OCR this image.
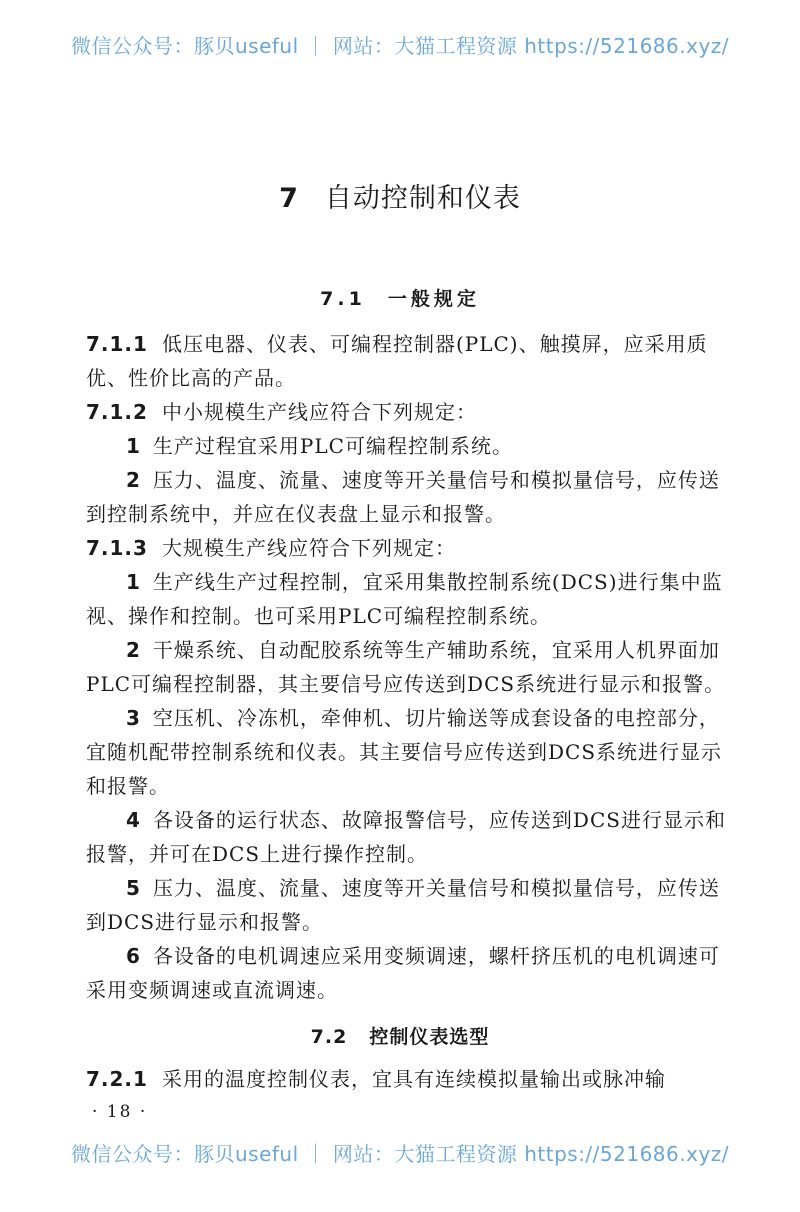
微信公众号：豚贝useful ｜ 网站：大猫工程资源 https://521686.xyz/
7 自动控制和仪表
7.1 一般规定

7.1.1 低压电器、仪表、可编程控制器(PLC)、触摸屏，应采用质优、性价比高的产品。

7.1.2 中小规模生产线应符合下列规定：

1 生产过程宜采用PLC可编程控制系统。

2 压力、温度、流量、速度等开关量信号和模拟量信号，应传送到控制系统中，并应在仪表盘上显示和报警。

7.1.3 大规模生产线应符合下列规定：

1 生产线生产过程控制，宜采用集散控制系统(DCS)进行集中监视、操作和控制。也可采用PLC可编程控制系统。

2 干燥系统、自动配胶系统等生产辅助系统，宜采用人机界面加PLC可编程控制器，其主要信号应传送到DCS系统进行显示和报警。

3 空压机、冷冻机，牵伸机、切片输送等成套设备的电控部分，宜随机配带控制系统和仪表。其主要信号应传送到DCS系统进行显示和报警。

4 各设备的运行状态、故障报警信号，应传送到DCS进行显示和报警，并可在DCS上进行操作控制。

5 压力、温度、流量、速度等开关量信号和模拟量信号，应传送到DCS进行显示和报警。

6 各设备的电机调速应采用变频调速，螺杆挤压机的电机调速可采用变频调速或直流调速。

7.2 控制仪表选型

7.2.1 采用的温度控制仪表，宜具有连续模拟量输出或脉冲输

· 18 ·
微信公众号：豚贝useful ｜ 网站：大猫工程资源 https://521686.xyz/
